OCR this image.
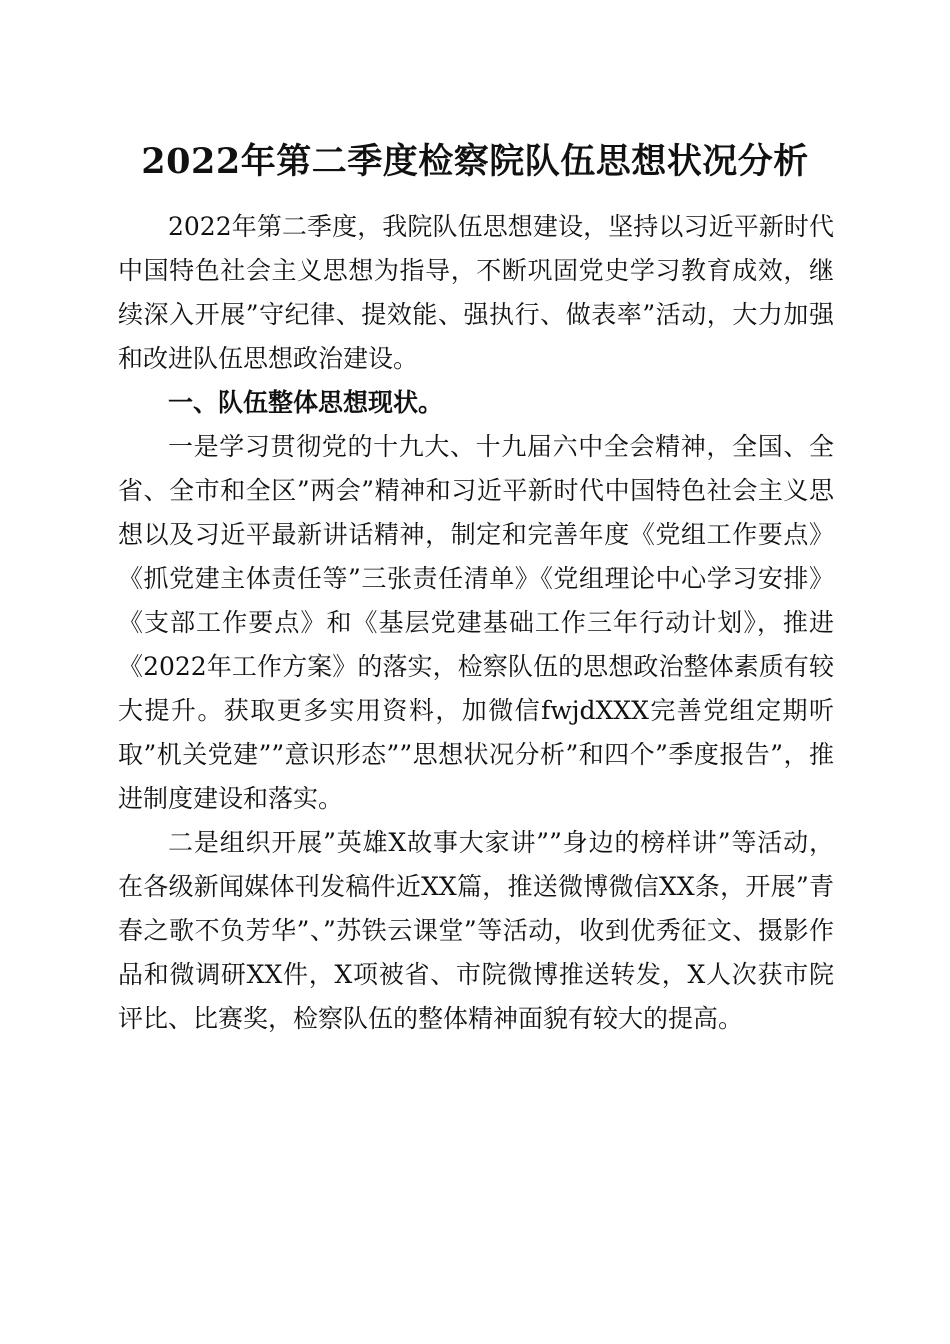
2022年第二季度检察院队伍思想状况分析

2022年第二季度，我院队伍思想建设，坚持以习近平新时代中国特色社会主义思想为指导，不断巩固党史学习教育成效，继续深入开展”守纪律、提效能、强执行、做表率”活动，大力加强和改进队伍思想政治建设。

一、队伍整体思想现状。

一是学习贯彻党的十九大、十九届六中全会精神，全国、全省、全市和全区”两会”精神和习近平新时代中国特色社会主义思想以及习近平最新讲话精神，制定和完善年度《党组工作要点》《抓党建主体责任等”三张责任清单》《党组理论中心学习安排》《支部工作要点》和《基层党建基础工作三年行动计划》，推进《2022年工作方案》的落实，检察队伍的思想政治整体素质有较大提升。获取更多实用资料，加微信fwjdXXX完善党组定期听取”机关党建””意识形态””思想状况分析”和四个”季度报告”，推进制度建设和落实。

二是组织开展”英雄X故事大家讲””身边的榜样讲”等活动，在各级新闻媒体刊发稿件近XX篇，推送微博微信XX条，开展”青春之歌不负芳华”、”苏铁云课堂”等活动，收到优秀征文、摄影作品和微调研XX件，X项被省、市院微博推送转发，X人次获市院评比、比赛奖，检察队伍的整体精神面貌有较大的提高。
